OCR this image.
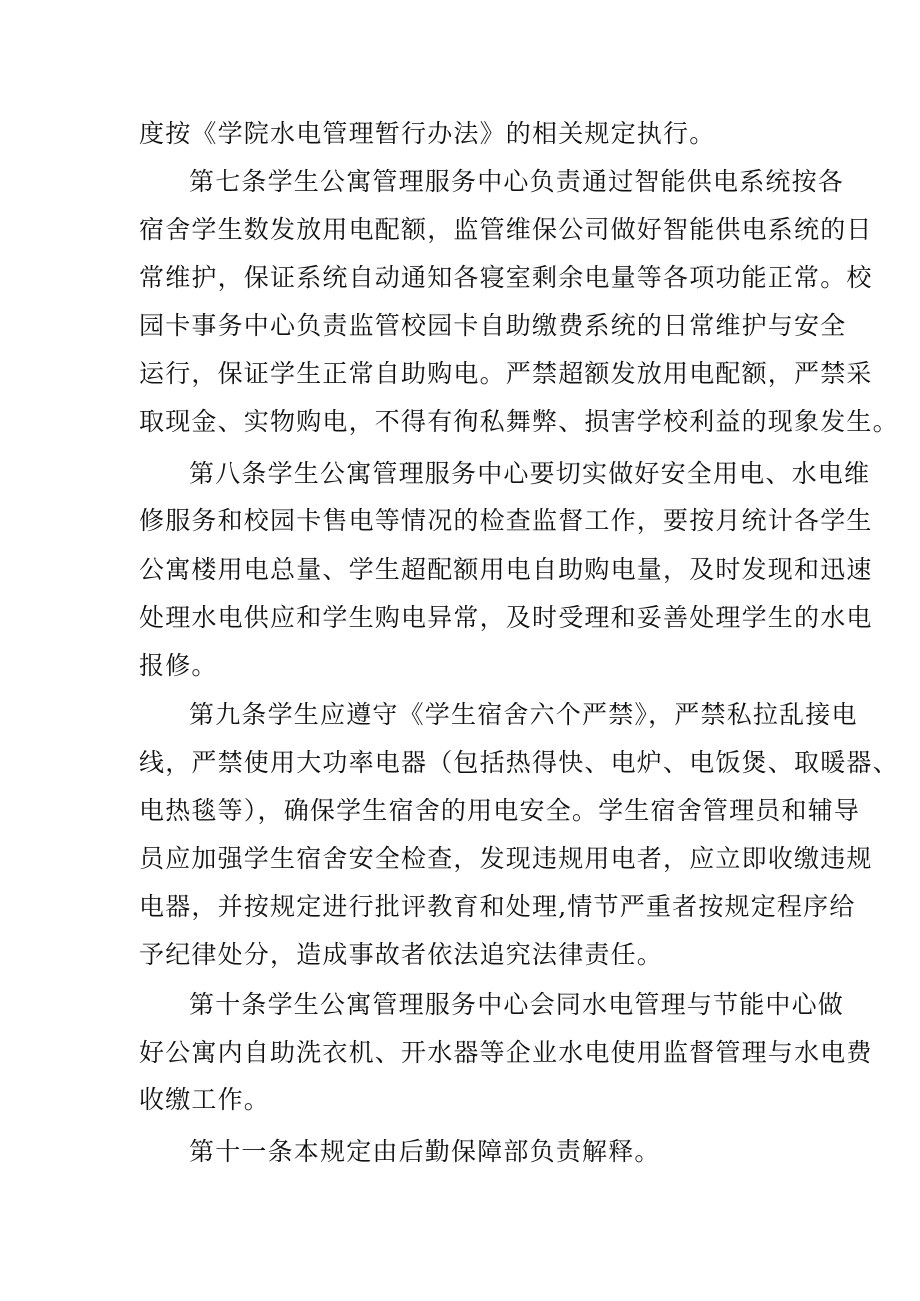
度按《学院水电管理暂行办法》的相关规定执行。
第七条学生公寓管理服务中心负责通过智能供电系统按各
宿舍学生数发放用电配额，监管维保公司做好智能供电系统的日
常维护，保证系统自动通知各寝室剩余电量等各项功能正常。校
园卡事务中心负责监管校园卡自助缴费系统的日常维护与安全
运行，保证学生正常自助购电。严禁超额发放用电配额，严禁采
取现金、实物购电，不得有徇私舞弊、损害学校利益的现象发生。
第八条学生公寓管理服务中心要切实做好安全用电、水电维
修服务和校园卡售电等情况的检查监督工作，要按月统计各学生
公寓楼用电总量、学生超配额用电自助购电量，及时发现和迅速
处理水电供应和学生购电异常，及时受理和妥善处理学生的水电
报修。
第九条学生应遵守《学生宿舍六个严禁》，严禁私拉乱接电
线，严禁使用大功率电器（包括热得快、电炉、电饭煲、取暖器、
电热毯等），确保学生宿舍的用电安全。学生宿舍管理员和辅导
员应加强学生宿舍安全检查，发现违规用电者，应立即收缴违规
电器，并按规定进行批评教育和处理,情节严重者按规定程序给
予纪律处分，造成事故者依法追究法律责任。
第十条学生公寓管理服务中心会同水电管理与节能中心做
好公寓内自助洗衣机、开水器等企业水电使用监督管理与水电费
收缴工作。
第十一条本规定由后勤保障部负责解释。
